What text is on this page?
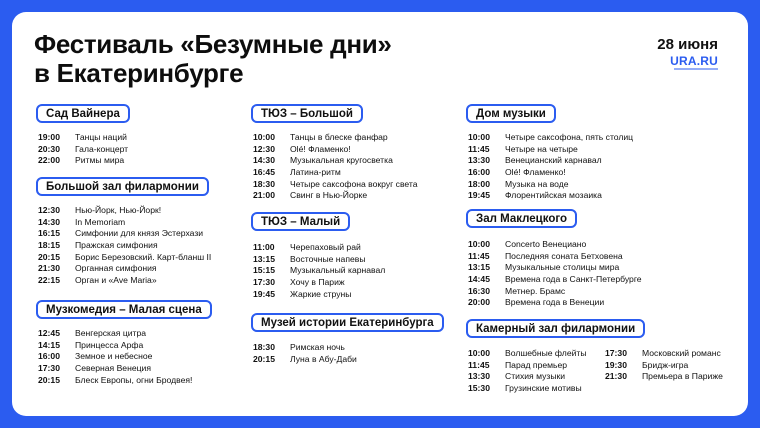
Фестиваль «Безумные дни»
в Екатеринбурге
28 июня
URA.RU
Сад Вайнера
19:00	Танцы наций
20:30	Гала-концерт
22:00	Ритмы мира
Большой зал филармонии
12:30	Нью-Йорк, Нью-Йорк!
14:30	In Memoriam
16:15	Симфонии для князя Эстерхази
18:15	Пражская симфония
20:15	Борис Березовский. Карт-бланш II
21:30	Органная симфония
22:15	Орган и «Ave Maria»
Музкомедия – Малая сцена
12:45	Венгерская цитра
14:15	Принцесса Арфа
16:00	Земное и небесное
17:30	Северная Венеция
20:15	Блеск Европы, огни Бродвея!
ТЮЗ – Большой
10:00	Танцы в блеске фанфар
12:30	Olé! Фламенко!
14:30	Музыкальная кругосветка
16:45	Латина-ритм
18:30	Четыре саксофона вокруг света
21:00	Свинг в Нью-Йорке
ТЮЗ – Малый
11:00	Черепаховый рай
13:15	Восточные напевы
15:15	Музыкальный карнавал
17:30	Хочу в Париж
19:45	Жаркие струны
Музей истории Екатеринбурга
18:30	Римская ночь
20:15	Луна в Абу-Даби
Дом музыки
10:00	Четыре саксофона, пять столиц
11:45	Четыре на четыре
13:30	Венецианский карнавал
16:00	Olé! Фламенко!
18:00	Музыка на воде
19:45	Флорентийская мозаика
Зал Маклецкого
10:00	Concerto Венециано
11:45	Последняя соната Бетховена
13:15	Музыкальные столицы мира
14:45	Времена года в Санкт-Петербурге
16:30	Метнер. Брамс
20:00	Времена года в Венеции
Камерный зал филармонии
10:00	Волшебные флейты
11:45	Парад премьер
13:30	Стихия музыки
15:30	Грузинские мотивы
17:30	Московский романс
19:30	Бридж-игра
21:30	Премьера в Париже
